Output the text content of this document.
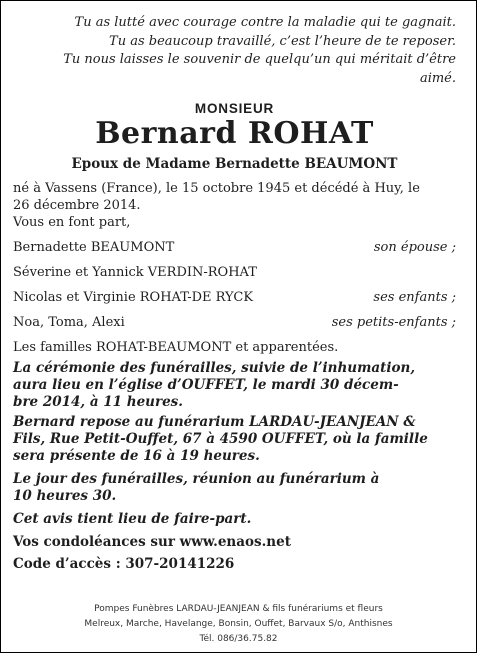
Tu as lutté avec courage contre la maladie qui te gagnait.
Tu as beaucoup travaillé, c’est l’heure de te reposer.
Tu nous laisses le souvenir de quelqu’un qui méritait d’être
aimé.
MONSIEUR
Bernard ROHAT
Epoux de Madame Bernadette BEAUMONT
né à Vassens (France), le 15 octobre 1945 et décédé à Huy, le
26 décembre 2014.
Vous en font part,
Bernadette BEAUMONT	son épouse ;
Séverine et Yannick VERDIN-ROHAT
Nicolas et Virginie ROHAT-DE RYCK	ses enfants ;
Noa, Toma, Alexi	ses petits-enfants ;
Les familles ROHAT-BEAUMONT et apparentées.
La cérémonie des funérailles, suivie de l’inhumation,
aura lieu en l’église d’OUFFET, le mardi 30 décem-
bre 2014, à 11 heures.
Bernard repose au funérarium LARDAU-JEANJEAN &
Fils, Rue Petit-Ouffet, 67 à 4590 OUFFET, où la famille
sera présente de 16 à 19 heures.
Le jour des funérailles, réunion au funérarium à
10 heures 30.
Cet avis tient lieu de faire-part.
Vos condoléances sur www.enaos.net
Code d’accès : 307-20141226
Pompes Funèbres LARDAU-JEANJEAN & fils funérariums et fleurs
Melreux, Marche, Havelange, Bonsin, Ouffet, Barvaux S/o, Anthisnes
Tél. 086/36.75.82
